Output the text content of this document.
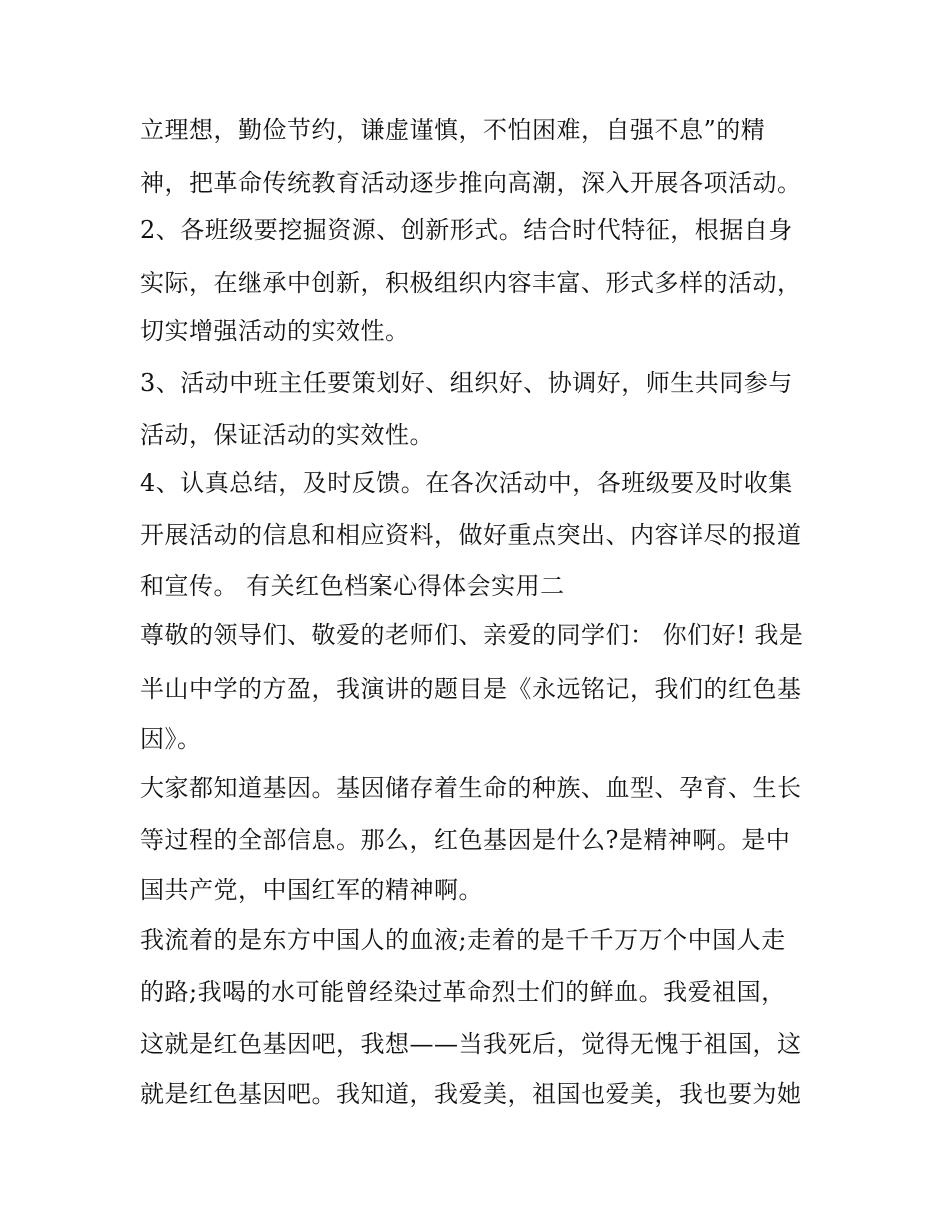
立理想，勤俭节约，谦虚谨慎，不怕困难，自强不息”的精
神，把革命传统教育活动逐步推向高潮，深入开展各项活动。
2、各班级要挖掘资源、创新形式。结合时代特征，根据自身
实际，在继承中创新，积极组织内容丰富、形式多样的活动，
切实增强活动的实效性。
3、活动中班主任要策划好、组织好、协调好，师生共同参与
活动，保证活动的实效性。
4、认真总结，及时反馈。在各次活动中，各班级要及时收集
开展活动的信息和相应资料，做好重点突出、内容详尽的报道
和宣传。 有关红色档案心得体会实用二
尊敬的领导们、敬爱的老师们、亲爱的同学们： 你们好! 我是
半山中学的方盈，我演讲的题目是《永远铭记，我们的红色基
因》。
大家都知道基因。基因储存着生命的种族、血型、孕育、生长
等过程的全部信息。那么，红色基因是什么?是精神啊。是中
国共产党，中国红军的精神啊。
我流着的是东方中国人的血液;走着的是千千万万个中国人走
的路;我喝的水可能曾经染过革命烈士们的鲜血。我爱祖国，
这就是红色基因吧，我想——当我死后，觉得无愧于祖国，这
就是红色基因吧。我知道，我爱美，祖国也爱美，我也要为她
